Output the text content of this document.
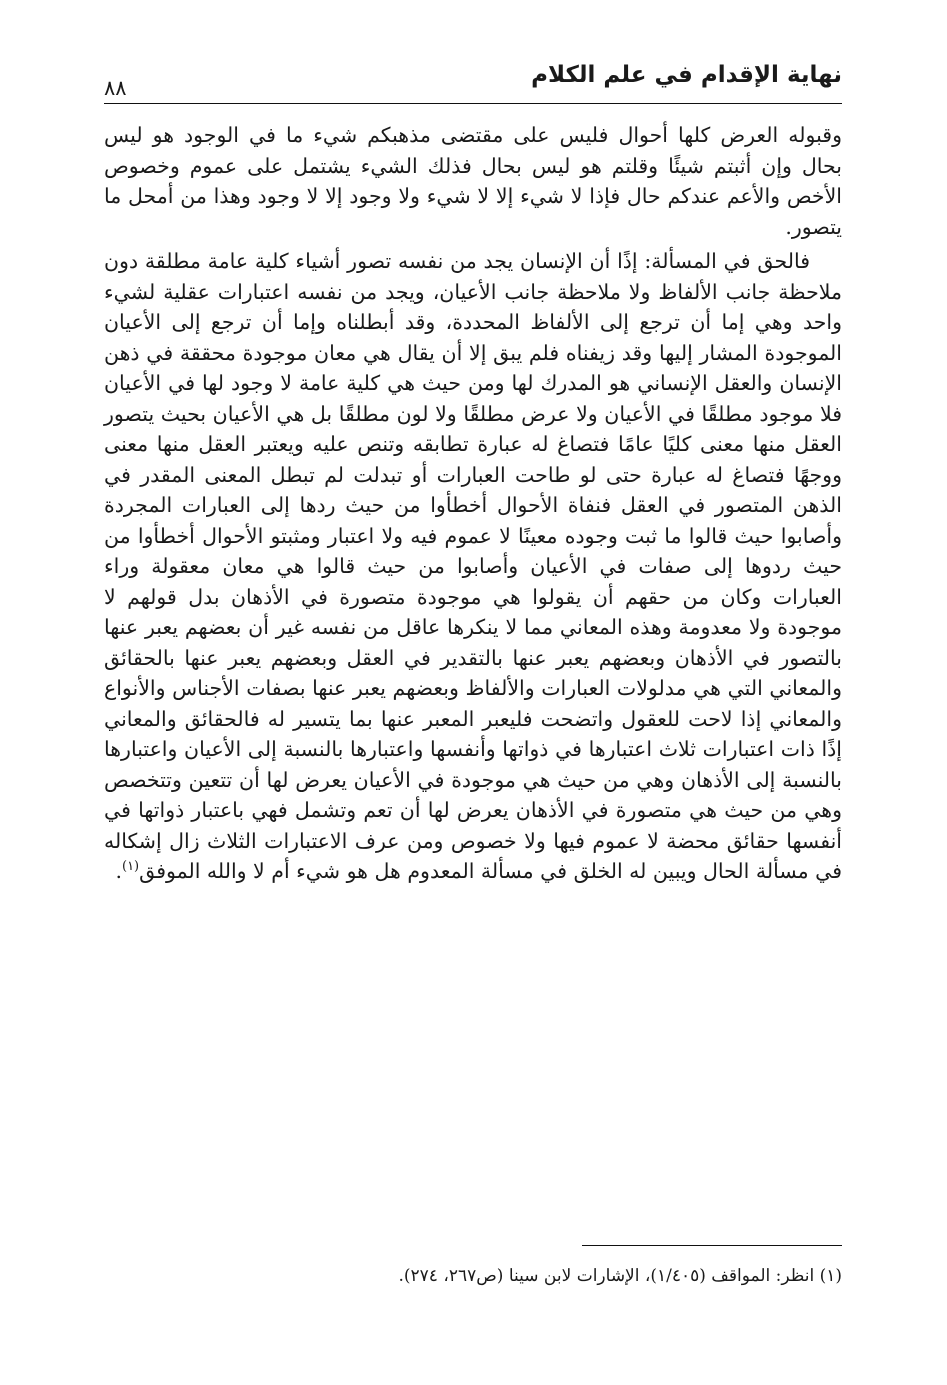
نهاية الإقدام في علم الكلام
٨٨

وقبوله العرض كلها أحوال فليس على مقتضى مذهبكم شيء ما في الوجود هو ليس بحال وإن أثبتم شيئًا وقلتم هو ليس بحال فذلك الشيء يشتمل على عموم وخصوص الأخص والأعم عندكم حال فإذا لا شيء إلا لا شيء ولا وجود إلا لا وجود وهذا من أمحل ما يتصور.

فالحق في المسألة: إذًا أن الإنسان يجد من نفسه تصور أشياء كلية عامة مطلقة دون ملاحظة جانب الألفاظ ولا ملاحظة جانب الأعيان، ويجد من نفسه اعتبارات عقلية لشيء واحد وهي إما أن ترجع إلى الألفاظ المحددة، وقد أبطلناه وإما أن ترجع إلى الأعيان الموجودة المشار إليها وقد زيفناه فلم يبق إلا أن يقال هي معان موجودة محققة في ذهن الإنسان والعقل الإنساني هو المدرك لها ومن حيث هي كلية عامة لا وجود لها في الأعيان فلا موجود مطلقًا في الأعيان ولا عرض مطلقًا ولا لون مطلقًا بل هي الأعيان بحيث يتصور العقل منها معنى كليًا عامًا فتصاغ له عبارة تطابقه وتنص عليه ويعتبر العقل منها معنى ووجهًا فتصاغ له عبارة حتى لو طاحت العبارات أو تبدلت لم تبطل المعنى المقدر في الذهن المتصور في العقل فنفاة الأحوال أخطأوا من حيث ردها إلى العبارات المجردة وأصابوا حيث قالوا ما ثبت وجوده معينًا لا عموم فيه ولا اعتبار ومثبتو الأحوال أخطأوا من حيث ردوها إلى صفات في الأعيان وأصابوا من حيث قالوا هي معان معقولة وراء العبارات وكان من حقهم أن يقولوا هي موجودة متصورة في الأذهان بدل قولهم لا موجودة ولا معدومة وهذه المعاني مما لا ينكرها عاقل من نفسه غير أن بعضهم يعبر عنها بالتصور في الأذهان وبعضهم يعبر عنها بالتقدير في العقل وبعضهم يعبر عنها بالحقائق والمعاني التي هي مدلولات العبارات والألفاظ وبعضهم يعبر عنها بصفات الأجناس والأنواع والمعاني إذا لاحت للعقول واتضحت فليعبر المعبر عنها بما يتسير له فالحقائق والمعاني إذًا ذات اعتبارات ثلاث اعتبارها في ذواتها وأنفسها واعتبارها بالنسبة إلى الأعيان واعتبارها بالنسبة إلى الأذهان وهي من حيث هي موجودة في الأعيان يعرض لها أن تتعين وتتخصص وهي من حيث هي متصورة في الأذهان يعرض لها أن تعم وتشمل فهي باعتبار ذواتها في أنفسها حقائق محضة لا عموم فيها ولا خصوص ومن عرف الاعتبارات الثلاث زال إشكاله في مسألة الحال ويبين له الخلق في مسألة المعدوم هل هو شيء أم لا والله الموفق$^{(١)}$.

(١) انظر: المواقف (١/٤٠٥)، الإشارات لابن سينا (ص٢٦٧، ٢٧٤).
